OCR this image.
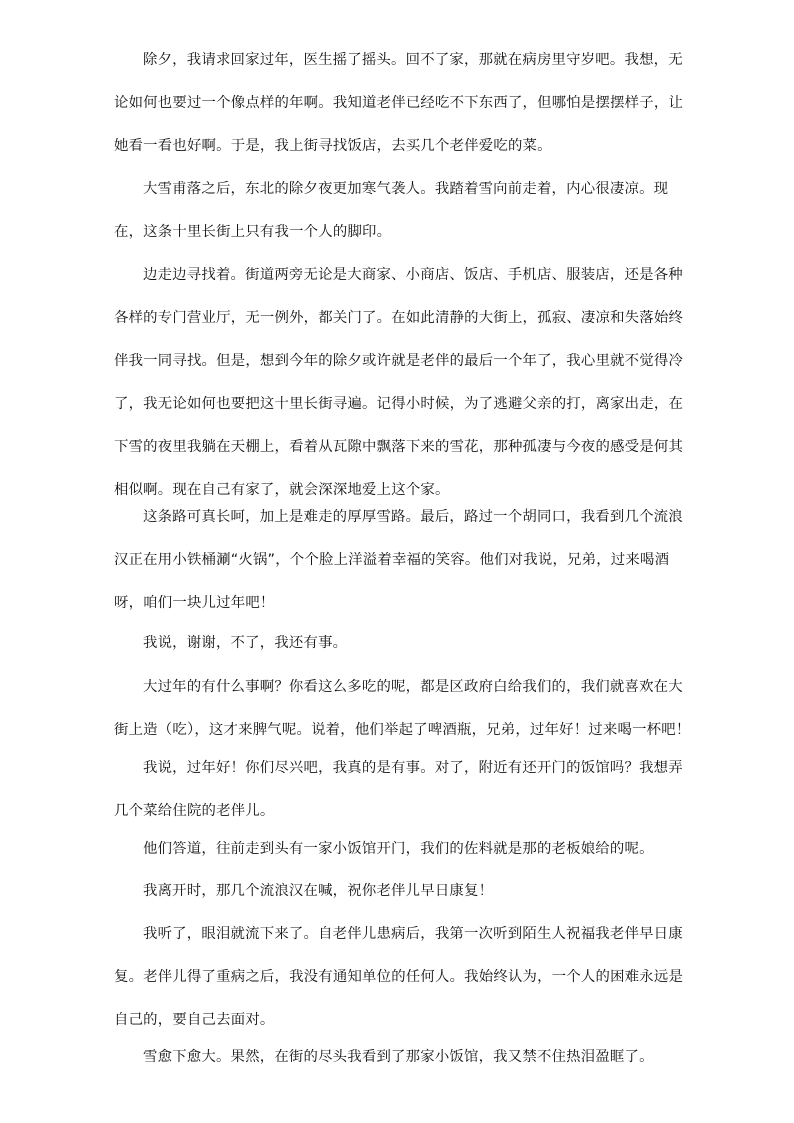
除夕，我请求回家过年，医生摇了摇头。回不了家，那就在病房里守岁吧。我想，无论如何也要过一个像点样的年啊。我知道老伴已经吃不下东西了，但哪怕是摆摆样子，让她看一看也好啊。于是，我上街寻找饭店，去买几个老伴爱吃的菜。

大雪甫落之后，东北的除夕夜更加寒气袭人。我踏着雪向前走着，内心很凄凉。现在，这条十里长街上只有我一个人的脚印。

边走边寻找着。街道两旁无论是大商家、小商店、饭店、手机店、服装店，还是各种各样的专门营业厅，无一例外，都关门了。在如此清静的大街上，孤寂、凄凉和失落始终伴我一同寻找。但是，想到今年的除夕或许就是老伴的最后一个年了，我心里就不觉得冷了，我无论如何也要把这十里长街寻遍。记得小时候，为了逃避父亲的打，离家出走，在下雪的夜里我躺在天棚上，看着从瓦隙中飘落下来的雪花，那种孤凄与今夜的感受是何其相似啊。现在自己有家了，就会深深地爱上这个家。

这条路可真长呵，加上是难走的厚厚雪路。最后，路过一个胡同口，我看到几个流浪汉正在用小铁桶涮“火锅”，个个脸上洋溢着幸福的笑容。他们对我说，兄弟，过来喝酒呀，咱们一块儿过年吧！

我说，谢谢，不了，我还有事。

大过年的有什么事啊？你看这么多吃的呢，都是区政府白给我们的，我们就喜欢在大街上造（吃），这才来脾气呢。说着，他们举起了啤酒瓶，兄弟，过年好！过来喝一杯吧！

我说，过年好！你们尽兴吧，我真的是有事。对了，附近有还开门的饭馆吗？我想弄几个菜给住院的老伴儿。

他们答道，往前走到头有一家小饭馆开门，我们的佐料就是那的老板娘给的呢。

我离开时，那几个流浪汉在喊，祝你老伴儿早日康复！

我听了，眼泪就流下来了。自老伴儿患病后，我第一次听到陌生人祝福我老伴早日康复。老伴儿得了重病之后，我没有通知单位的任何人。我始终认为，一个人的困难永远是自己的，要自己去面对。

雪愈下愈大。果然，在街的尽头我看到了那家小饭馆，我又禁不住热泪盈眶了。
